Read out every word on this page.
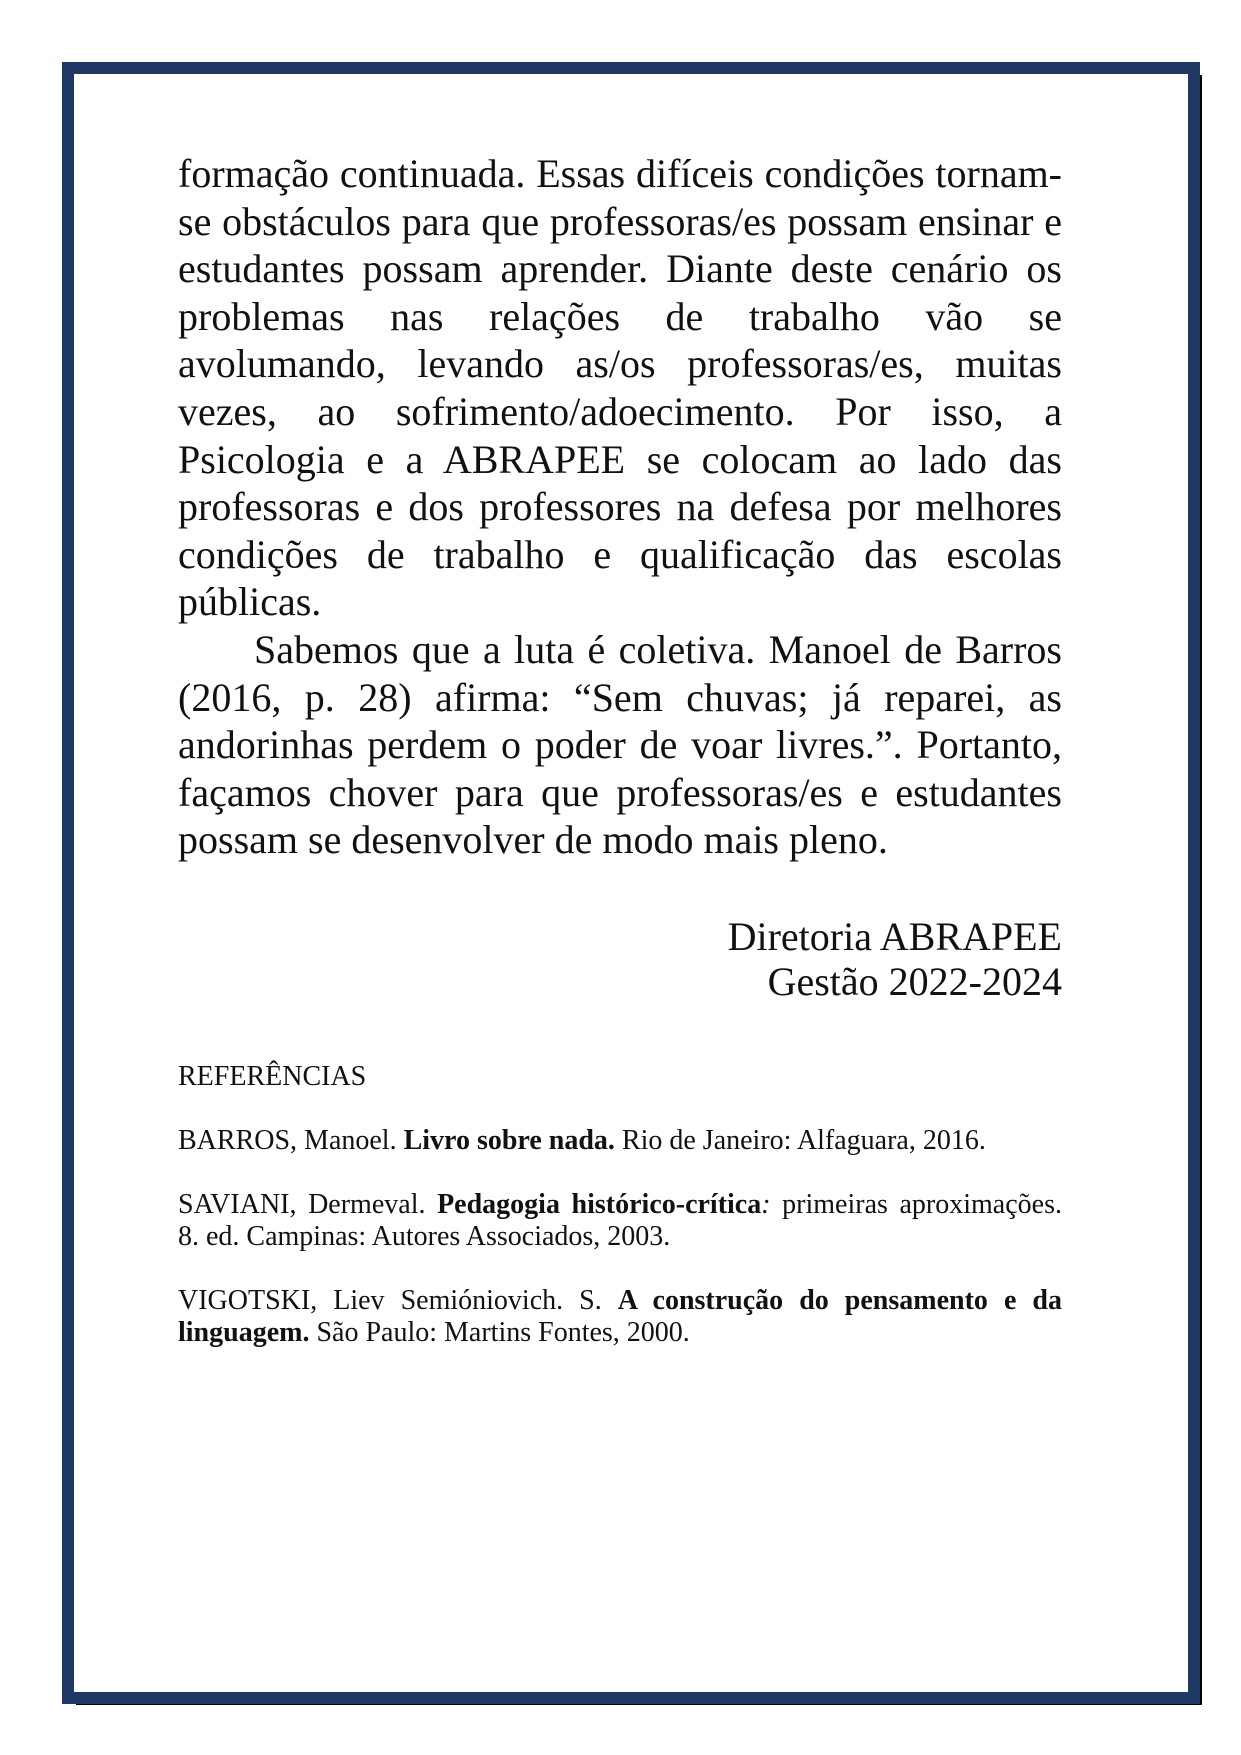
formação continuada. Essas difíceis condições tornam-se obstáculos para que professoras/es possam ensinar e estudantes possam aprender. Diante deste cenário os problemas nas relações de trabalho vão se avolumando, levando as/os professoras/es, muitas vezes, ao sofrimento/adoecimento. Por isso, a Psicologia e a ABRAPEE se colocam ao lado das professoras e dos professores na defesa por melhores condições de trabalho e qualificação das escolas públicas.

Sabemos que a luta é coletiva. Manoel de Barros (2016, p. 28) afirma: “Sem chuvas; já reparei, as andorinhas perdem o poder de voar livres.”. Portanto, façamos chover para que professoras/es e estudantes possam se desenvolver de modo mais pleno.

Diretoria ABRAPEE
Gestão 2022-2024
REFERÊNCIAS
BARROS, Manoel. Livro sobre nada. Rio de Janeiro: Alfaguara, 2016.
SAVIANI, Dermeval. Pedagogia histórico-crítica: primeiras aproximações. 8. ed. Campinas: Autores Associados, 2003.
VIGOTSKI, Liev Semióniovich. S. A construção do pensamento e da linguagem. São Paulo: Martins Fontes, 2000.
